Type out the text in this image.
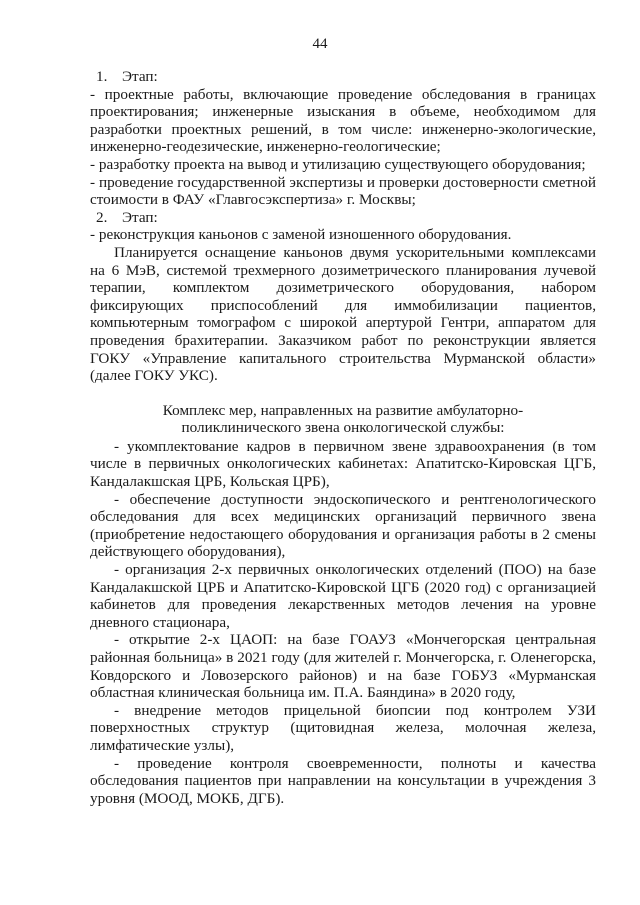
44

1. Этап:

- проектные работы, включающие проведение обследования в границах проектирования; инженерные изыскания в объеме, необходимом для разработки проектных решений, в том числе: инженерно-экологические, инженерно-геодезические, инженерно-геологические;

- разработку проекта на вывод и утилизацию существующего оборудования;

- проведение государственной экспертизы и проверки достоверности сметной стоимости в ФАУ «Главгосэкспертиза» г. Москвы;

2. Этап:

- реконструкция каньонов с заменой изношенного оборудования.

Планируется оснащение каньонов двумя ускорительными комплексами на 6 МэВ, системой трехмерного дозиметрического планирования лучевой терапии, комплектом дозиметрического оборудования, набором фиксирующих приспособлений для иммобилизации пациентов, компьютерным томографом с широкой апертурой Гентри, аппаратом для проведения брахитерапии. Заказчиком работ по реконструкции является ГОКУ «Управление капитального строительства Мурманской области» (далее ГОКУ УКС).

Комплекс мер, направленных на развитие амбулаторно-
поликлинического звена онкологической службы:

- укомплектование кадров в первичном звене здравоохранения (в том числе в первичных онкологических кабинетах: Апатитско-Кировская ЦГБ, Кандалакшская ЦРБ, Кольская ЦРБ),

- обеспечение доступности эндоскопического и рентгенологического обследования для всех медицинских организаций первичного звена (приобретение недостающего оборудования и организация работы в 2 смены действующего оборудования),

- организация 2-х первичных онкологических отделений (ПОО) на базе Кандалакшской ЦРБ и Апатитско-Кировской ЦГБ (2020 год) с организацией кабинетов для проведения лекарственных методов лечения на уровне дневного стационара,

- открытие 2-х ЦАОП: на базе ГОАУЗ «Мончегорская центральная районная больница» в 2021 году (для жителей г. Мончегорска, г. Оленегорска, Ковдорского и Ловозерского районов) и на базе ГОБУЗ «Мурманская областная клиническая больница им. П.А. Баяндина» в 2020 году,

- внедрение методов прицельной биопсии под контролем УЗИ поверхностных структур (щитовидная железа, молочная железа, лимфатические узлы),

- проведение контроля своевременности, полноты и качества обследования пациентов при направлении на консультации в учреждения 3 уровня (МООД, МОКБ, ДГБ).
